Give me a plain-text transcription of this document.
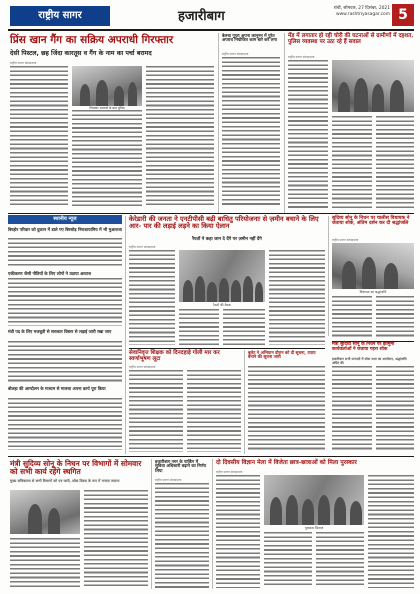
राष्ट्रीय सागर	हजारीबाग
रांची, सोमवार, 27 दिसंबर, 2021
www.rashtriyasagar.com 5
प्रिंस खान गैंग का सक्रिय अपराधी गिरफ्तार
देसी पिस्टल, छह जिंदा कारतूस व गैंग के नाम का पर्चा बरामद
राष्ट्रीय सागर संवाददाता
बेलचा गुप्ता अपना कानूनन में पूरेत अपराध नियोजित काम बारे करें लगा
राष्ट्रीय सागर संवाददाता
मेंड में लगातार हो रही चोरी की घटनाओं से ग्रामीणों में दहशत, पुलिस व्यवस्था पर उठा रहे हैं सवाल
राष्ट्रीय सागर संवाददाता
स्थानीय न्यूज
बिरहोर परिवार को दुकान में डाले गए बिरसोड़ निराशायामिय में भी मुआवजा
एकीकरण जैसी नीतियों के लिए लोगों ने उठाया आवाज
मंत्री पद के लिए मजबूती से सराकार विस्तर से लड़ाई जारी रखा जाए
बोलहा की आन्दोलन के माध्यम से मालचा अपना कार्य पूरा किया
केरेडारी की जनता ने एनटीपीसी बढ़ी बाधितु परियोजनाः से ज़मीन बचाने के लिए आर- पार की लड़ाई लड़ने का किया ऐलान
रैयतों ने कहा जान दे देंगे पर ज़मीन नहीं देंगे
राष्ट्रीय सागर संवाददाता
रैयतों की बैठक
सुदिव्य सोनू के निधन पर चालीस विधायक ने जताया शोक, अंतिम दर्शन कर दी श्रद्धांजलि
राष्ट्रीय सागर संवाददाता
विधायक का श्रद्धांजलि
सेवानिवृत्त शिक्षक को दिनदहाड़े गोली मार कर स्वर्णाभूषण लूटा
राष्ट्रीय सागर संवाददाता
बुलेट ने अभियान दौरान को दी सूचना, उपाय बनाने की सूचना जारी
मंत्री सुदिव्य सोनू के निधन पर झामुमो कार्यकर्ताओं ने जताया गहरा शोक
हजारीबाग सभी जनपदों में शोक सभा का आयोजन, श्रद्धांजलि अर्पित की
मंत्री सुदिव्य सोनू के निधन पर विभागों में सोमवार को सभी कार्य रहेंगे स्थगित
मुख्य सचिवालय से सभी विभागों को पत्र जारी, शोक दिवस के रूप में मनाया जाएगा
हजारीबाग नगर के पार्किंग में सुविधा अधिकारी बढ़ाने का निर्णय लिया
राष्ट्रीय सागर संवाददाता
दो दिवसीय विज्ञान मेला में विजेता छात्र-छात्राओं को मिला पुरस्कार
राष्ट्रीय सागर संवाददाता
पुरस्कार वितरण
गिरफ्तार अपराधी के साथ पुलिस
